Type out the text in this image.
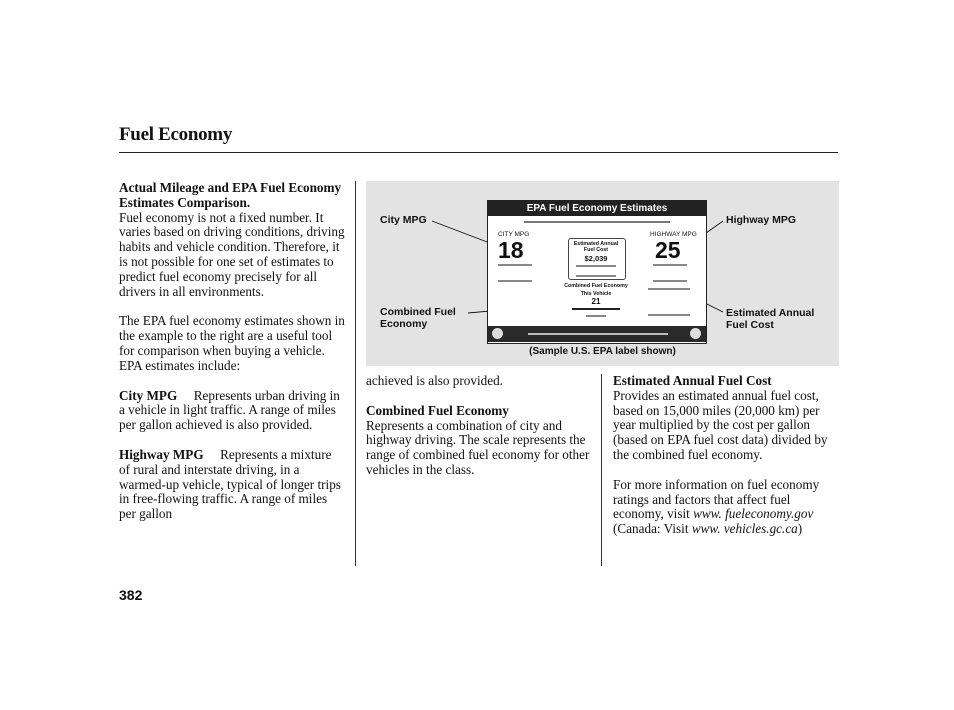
Fuel Economy

Actual Mileage and EPA Fuel Economy Estimates Comparison.

Fuel economy is not a fixed number. It varies based on driving conditions, driving habits and vehicle condition. Therefore, it is not possible for one set of estimates to predict fuel economy precisely for all drivers in all environments.

The EPA fuel economy estimates shown in the example to the right are a useful tool for comparison when buying a vehicle. EPA estimates include:

City MPG Represents urban driving in a vehicle in light traffic. A range of miles per gallon achieved is also provided.

Highway MPG Represents a mixture of rural and interstate driving, in a warmed-up vehicle, typical of longer trips in free-flowing traffic. A range of miles per gallon

City MPG	Highway MPG
Combined Fuel Economy
Estimated Annual Fuel Cost
EPA Fuel Economy Estimates
CITY MPG
18	Estimated Annual Fuel Cost
$2,039
Combined Fuel Economy
This Vehicle
21
HIGHWAY MPG
25
(Sample U.S. EPA label shown)

achieved is also provided.

Combined Fuel Economy

Represents a combination of city and highway driving. The scale represents the range of combined fuel economy for other vehicles in the class.

Estimated Annual Fuel Cost

Provides an estimated annual fuel cost, based on 15,000 miles (20,000 km) per year multiplied by the cost per gallon (based on EPA fuel cost data) divided by the combined fuel economy.

For more information on fuel economy ratings and factors that affect fuel economy, visit www. fueleconomy.gov (Canada: Visit www. vehicles.gc.ca)

382
